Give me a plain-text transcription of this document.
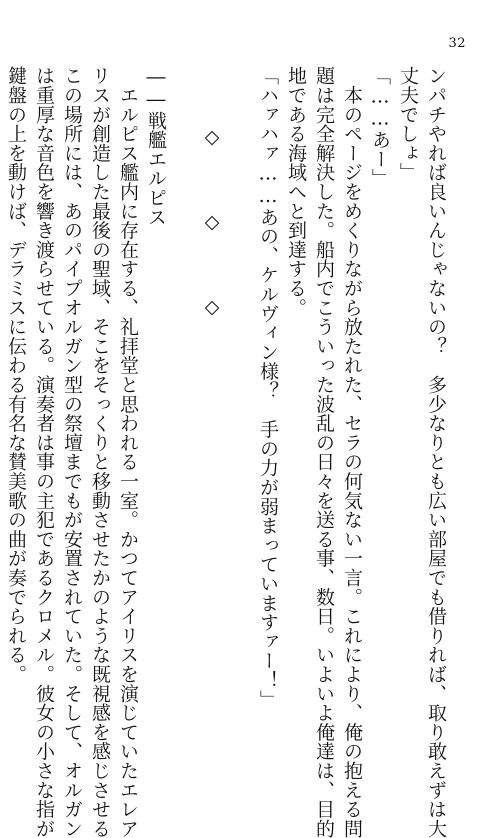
32
ンパチやれば良いんじゃないの？　多少なりとも広い部屋でも借りれば、取り敢えずは大
丈夫でしょ」
「……あー」
　本のページをめくりながら放たれた、セラの何気ない一言。これにより、俺の抱える問
題は完全解決した。船内でこういった波乱の日々を送る事、数日。いよいよ俺達は、目的
地である海域へと到達する。
「ハァハァ……あの、ケルヴィン様？　手の力が弱まっていますァー！」
◇　◇　◇
――戦艦エルピス
　エルピス艦内に存在する、礼拝堂と思われる一室。かつてアイリスを演じていたエレア
リスが創造した最後の聖域、そこをそっくりと移動させたかのような既視感を感じさせる
この場所には、あのパイプオルガン型の祭壇までもが安置されていた。そして、オルガン
は重厚な音色を響き渡らせている。演奏者は事の主犯であるクロメル。彼女の小さな指が
鍵盤の上を動けば、デラミスに伝わる有名な賛美歌の曲が奏でられる。
